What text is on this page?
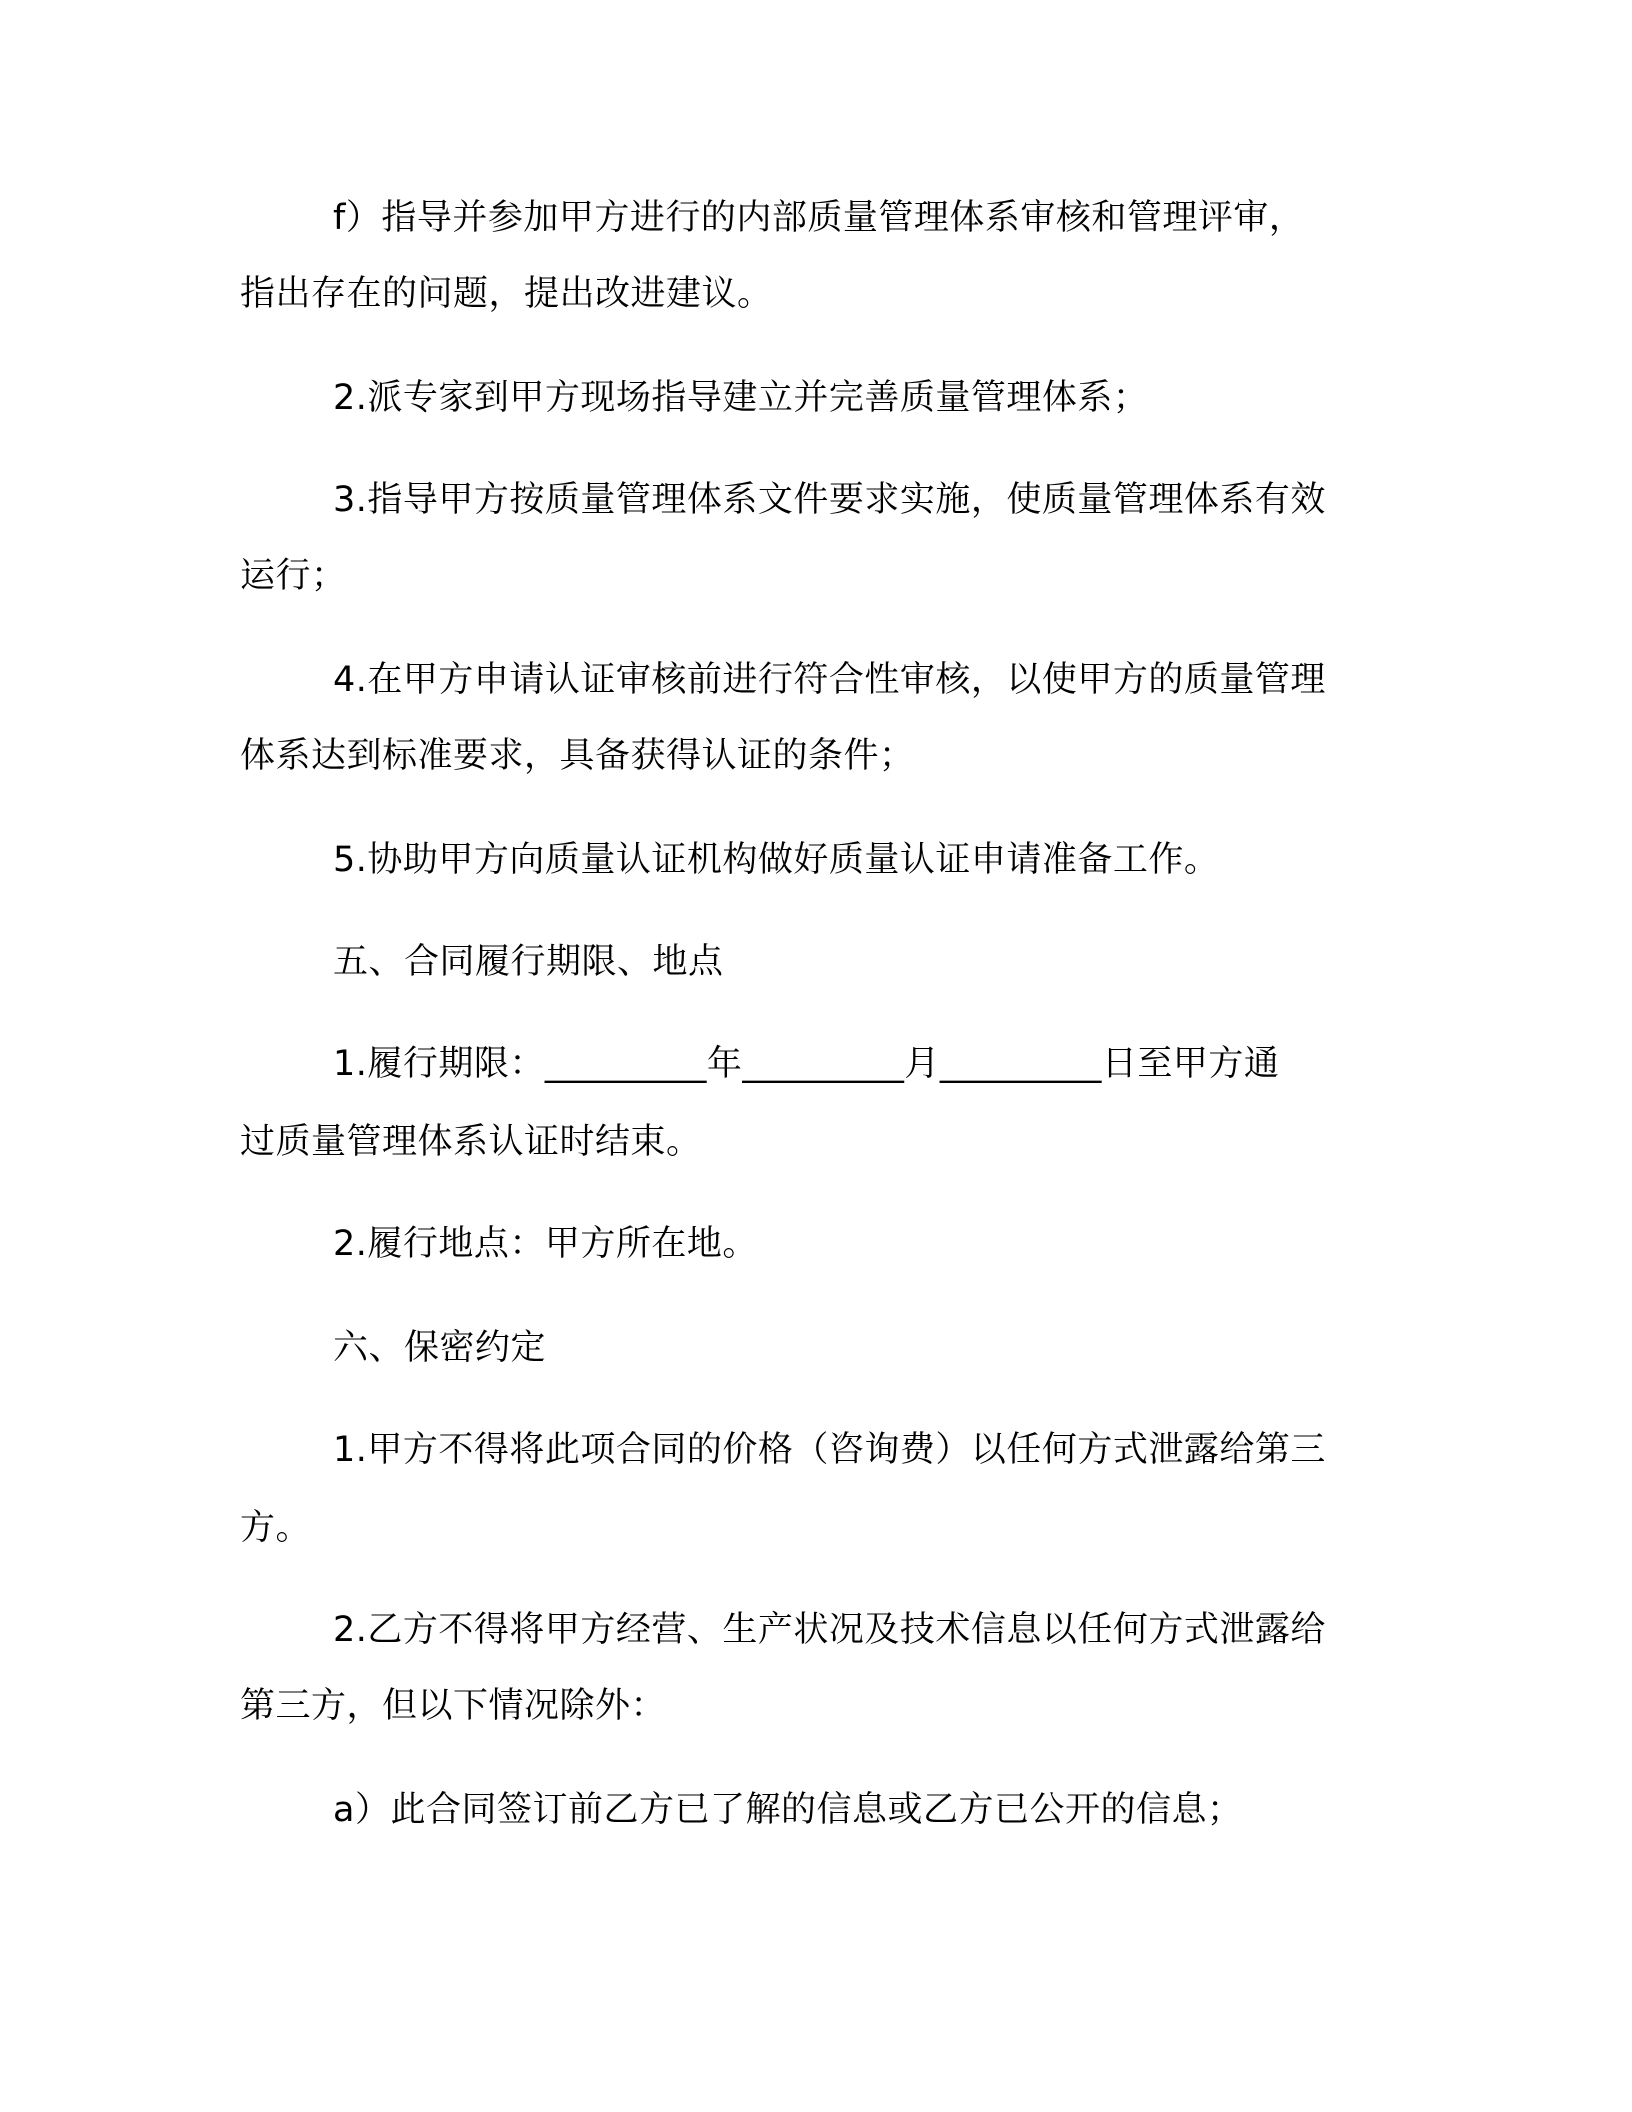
f）指导并参加甲方进行的内部质量管理体系审核和管理评审，
指出存在的问题，提出改进建议。
2.派专家到甲方现场指导建立并完善质量管理体系；
3.指导甲方按质量管理体系文件要求实施，使质量管理体系有效
运行；
4.在甲方申请认证审核前进行符合性审核，以使甲方的质量管理
体系达到标准要求，具备获得认证的条件；
5.协助甲方向质量认证机构做好质量认证申请准备工作。
五、合同履行期限、地点
1.履行期限：_________年_________月_________日至甲方通
过质量管理体系认证时结束。
2.履行地点：甲方所在地。
六、保密约定
1.甲方不得将此项合同的价格（咨询费）以任何方式泄露给第三
方。
2.乙方不得将甲方经营、生产状况及技术信息以任何方式泄露给
第三方，但以下情况除外：
a）此合同签订前乙方已了解的信息或乙方已公开的信息；
